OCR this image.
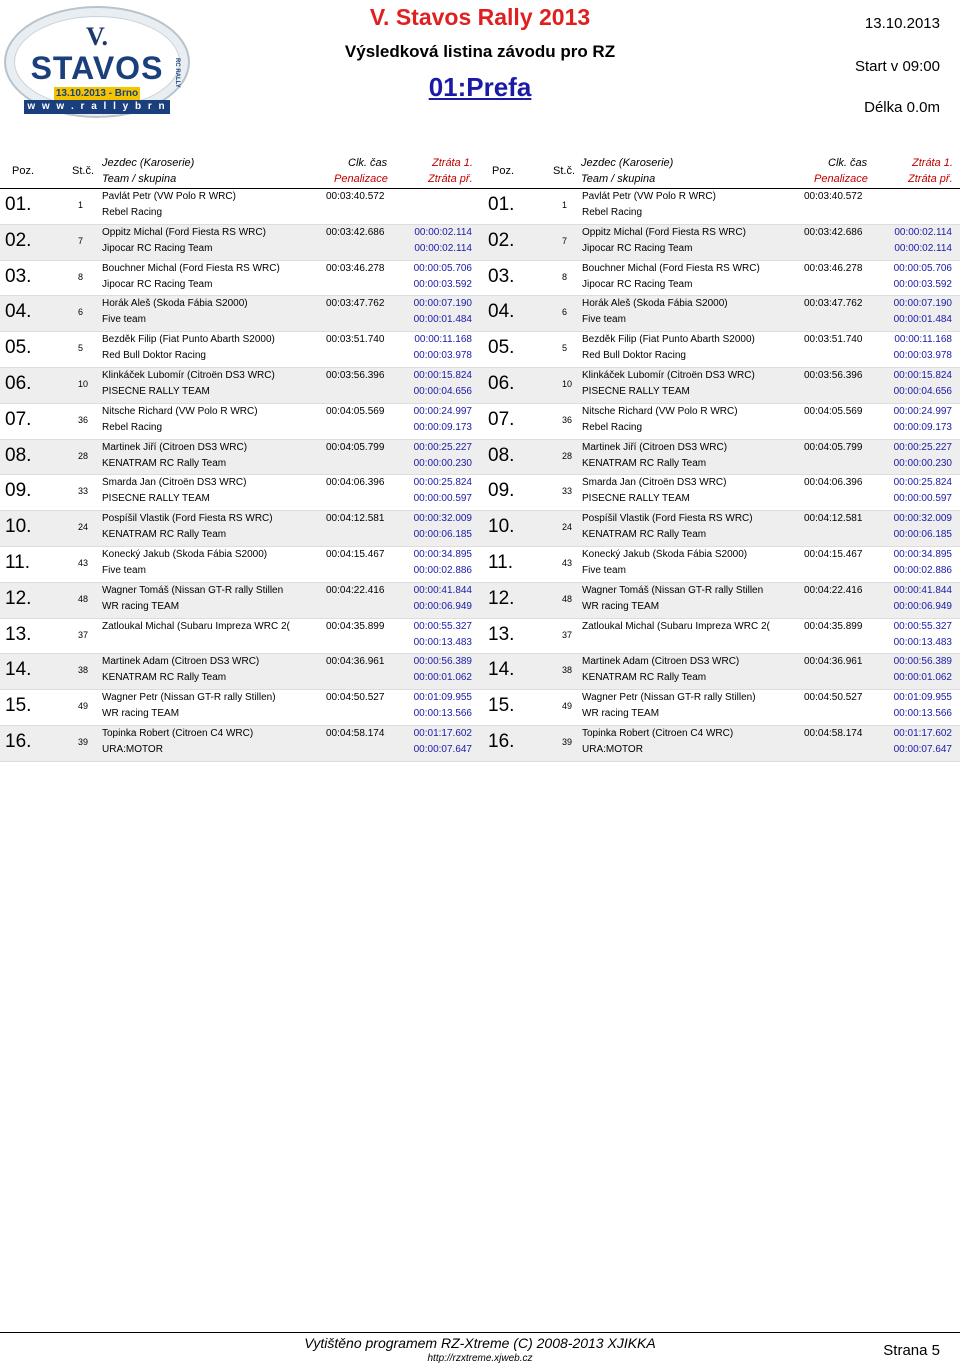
V.
STAVOS	RC RALLY
13.10.2013 - Brno
w w w . r a l l y b r n o . c z
V. Stavos Rally 2013
Výsledková listina závodu pro RZ
01:Prefa
13.10.2013
Start v 09:00
Délka 0.0m
Poz.	St.č.
Jezdec (Karoserie)
Team / skupina
Clk. čas
Penalizace
Ztráta 1.
Ztráta př.
01.	1
Pavlát Petr (VW Polo R WRC)
Rebel Racing
00:03:40.572
02.	7
Oppitz Michal (Ford Fiesta RS WRC)
Jipocar RC Racing Team
00:03:42.686	00:00:02.114
00:00:02.114
03.	8
Bouchner Michal (Ford Fiesta RS WRC)
Jipocar RC Racing Team
00:03:46.278	00:00:05.706
00:00:03.592
04.	6
Horák Aleš (Škoda Fábia S2000)
Five team
00:03:47.762	00:00:07.190
00:00:01.484
05.	5
Bezděk Filip (Fiat Punto Abarth S2000)
Red Bull Doktor Racing
00:03:51.740	00:00:11.168
00:00:03.978
06.	10
Klinkáček Lubomír (Citroën DS3 WRC)
PÍSEČNÉ RALLY TEAM
00:03:56.396	00:00:15.824
00:00:04.656
07.	36
Nitsche Richard (VW Polo R WRC)
Rebel Racing
00:04:05.569	00:00:24.997
00:00:09.173
08.	28
Martinek Jiří (Citroen DS3 WRC)
KENATRAM RC Rally Team
00:04:05.799	00:00:25.227
00:00:00.230
09.	33
Šmarda Jan (Citroën DS3 WRC)
PÍSEČNÉ RALLY TEAM
00:04:06.396	00:00:25.824
00:00:00.597
10.	24
Pospíšil Vlastik (Ford Fiesta RS WRC)
KENATRAM RC Rally Team
00:04:12.581	00:00:32.009
00:00:06.185
11.	43
Konecký Jakub (Škoda Fábia S2000)
Five team
00:04:15.467	00:00:34.895
00:00:02.886
12.	48
Wagner Tomáš (Nissan GT-R rally Stillen
WR racing TEAM
00:04:22.416	00:00:41.844
00:00:06.949
13.	37
Zatloukal Michal (Subaru Impreza WRC 2(	00:04:35.899	00:00:55.327
00:00:13.483
14.	38
Martinek Adam (Citroen DS3 WRC)
KENATRAM RC Rally Team
00:04:36.961	00:00:56.389
00:00:01.062
15.	49
Wagner Petr (Nissan GT-R rally Stillen)
WR racing TEAM
00:04:50.527	00:01:09.955
00:00:13.566
16.	39
Topinka Robert (Citroen C4 WRC)
URA:MOTOR
00:04:58.174	00:01:17.602
00:00:07.647
Poz.	St.č.
Jezdec (Karoserie)
Team / skupina
Clk. čas
Penalizace
Ztráta 1.
Ztráta př.
01.	1
Pavlát Petr (VW Polo R WRC)
Rebel Racing
00:03:40.572
02.	7
Oppitz Michal (Ford Fiesta RS WRC)
Jipocar RC Racing Team
00:03:42.686	00:00:02.114
00:00:02.114
03.	8
Bouchner Michal (Ford Fiesta RS WRC)
Jipocar RC Racing Team
00:03:46.278	00:00:05.706
00:00:03.592
04.	6
Horák Aleš (Škoda Fábia S2000)
Five team
00:03:47.762	00:00:07.190
00:00:01.484
05.	5
Bezděk Filip (Fiat Punto Abarth S2000)
Red Bull Doktor Racing
00:03:51.740	00:00:11.168
00:00:03.978
06.	10
Klinkáček Lubomír (Citroën DS3 WRC)
PÍSEČNÉ RALLY TEAM
00:03:56.396	00:00:15.824
00:00:04.656
07.	36
Nitsche Richard (VW Polo R WRC)
Rebel Racing
00:04:05.569	00:00:24.997
00:00:09.173
08.	28
Martinek Jiří (Citroen DS3 WRC)
KENATRAM RC Rally Team
00:04:05.799	00:00:25.227
00:00:00.230
09.	33
Šmarda Jan (Citroën DS3 WRC)
PÍSEČNÉ RALLY TEAM
00:04:06.396	00:00:25.824
00:00:00.597
10.	24
Pospíšil Vlastik (Ford Fiesta RS WRC)
KENATRAM RC Rally Team
00:04:12.581	00:00:32.009
00:00:06.185
11.	43
Konecký Jakub (Škoda Fábia S2000)
Five team
00:04:15.467	00:00:34.895
00:00:02.886
12.	48
Wagner Tomáš (Nissan GT-R rally Stillen
WR racing TEAM
00:04:22.416	00:00:41.844
00:00:06.949
13.	37
Zatloukal Michal (Subaru Impreza WRC 2(	00:04:35.899	00:00:55.327
00:00:13.483
14.	38
Martinek Adam (Citroen DS3 WRC)
KENATRAM RC Rally Team
00:04:36.961	00:00:56.389
00:00:01.062
15.	49
Wagner Petr (Nissan GT-R rally Stillen)
WR racing TEAM
00:04:50.527	00:01:09.955
00:00:13.566
16.	39
Topinka Robert (Citroen C4 WRC)
URA:MOTOR
00:04:58.174	00:01:17.602
00:00:07.647
Vytištěno programem RZ-Xtreme (C) 2008-2013 XJIKKA
http://rzxtreme.xjweb.cz	Strana 5
